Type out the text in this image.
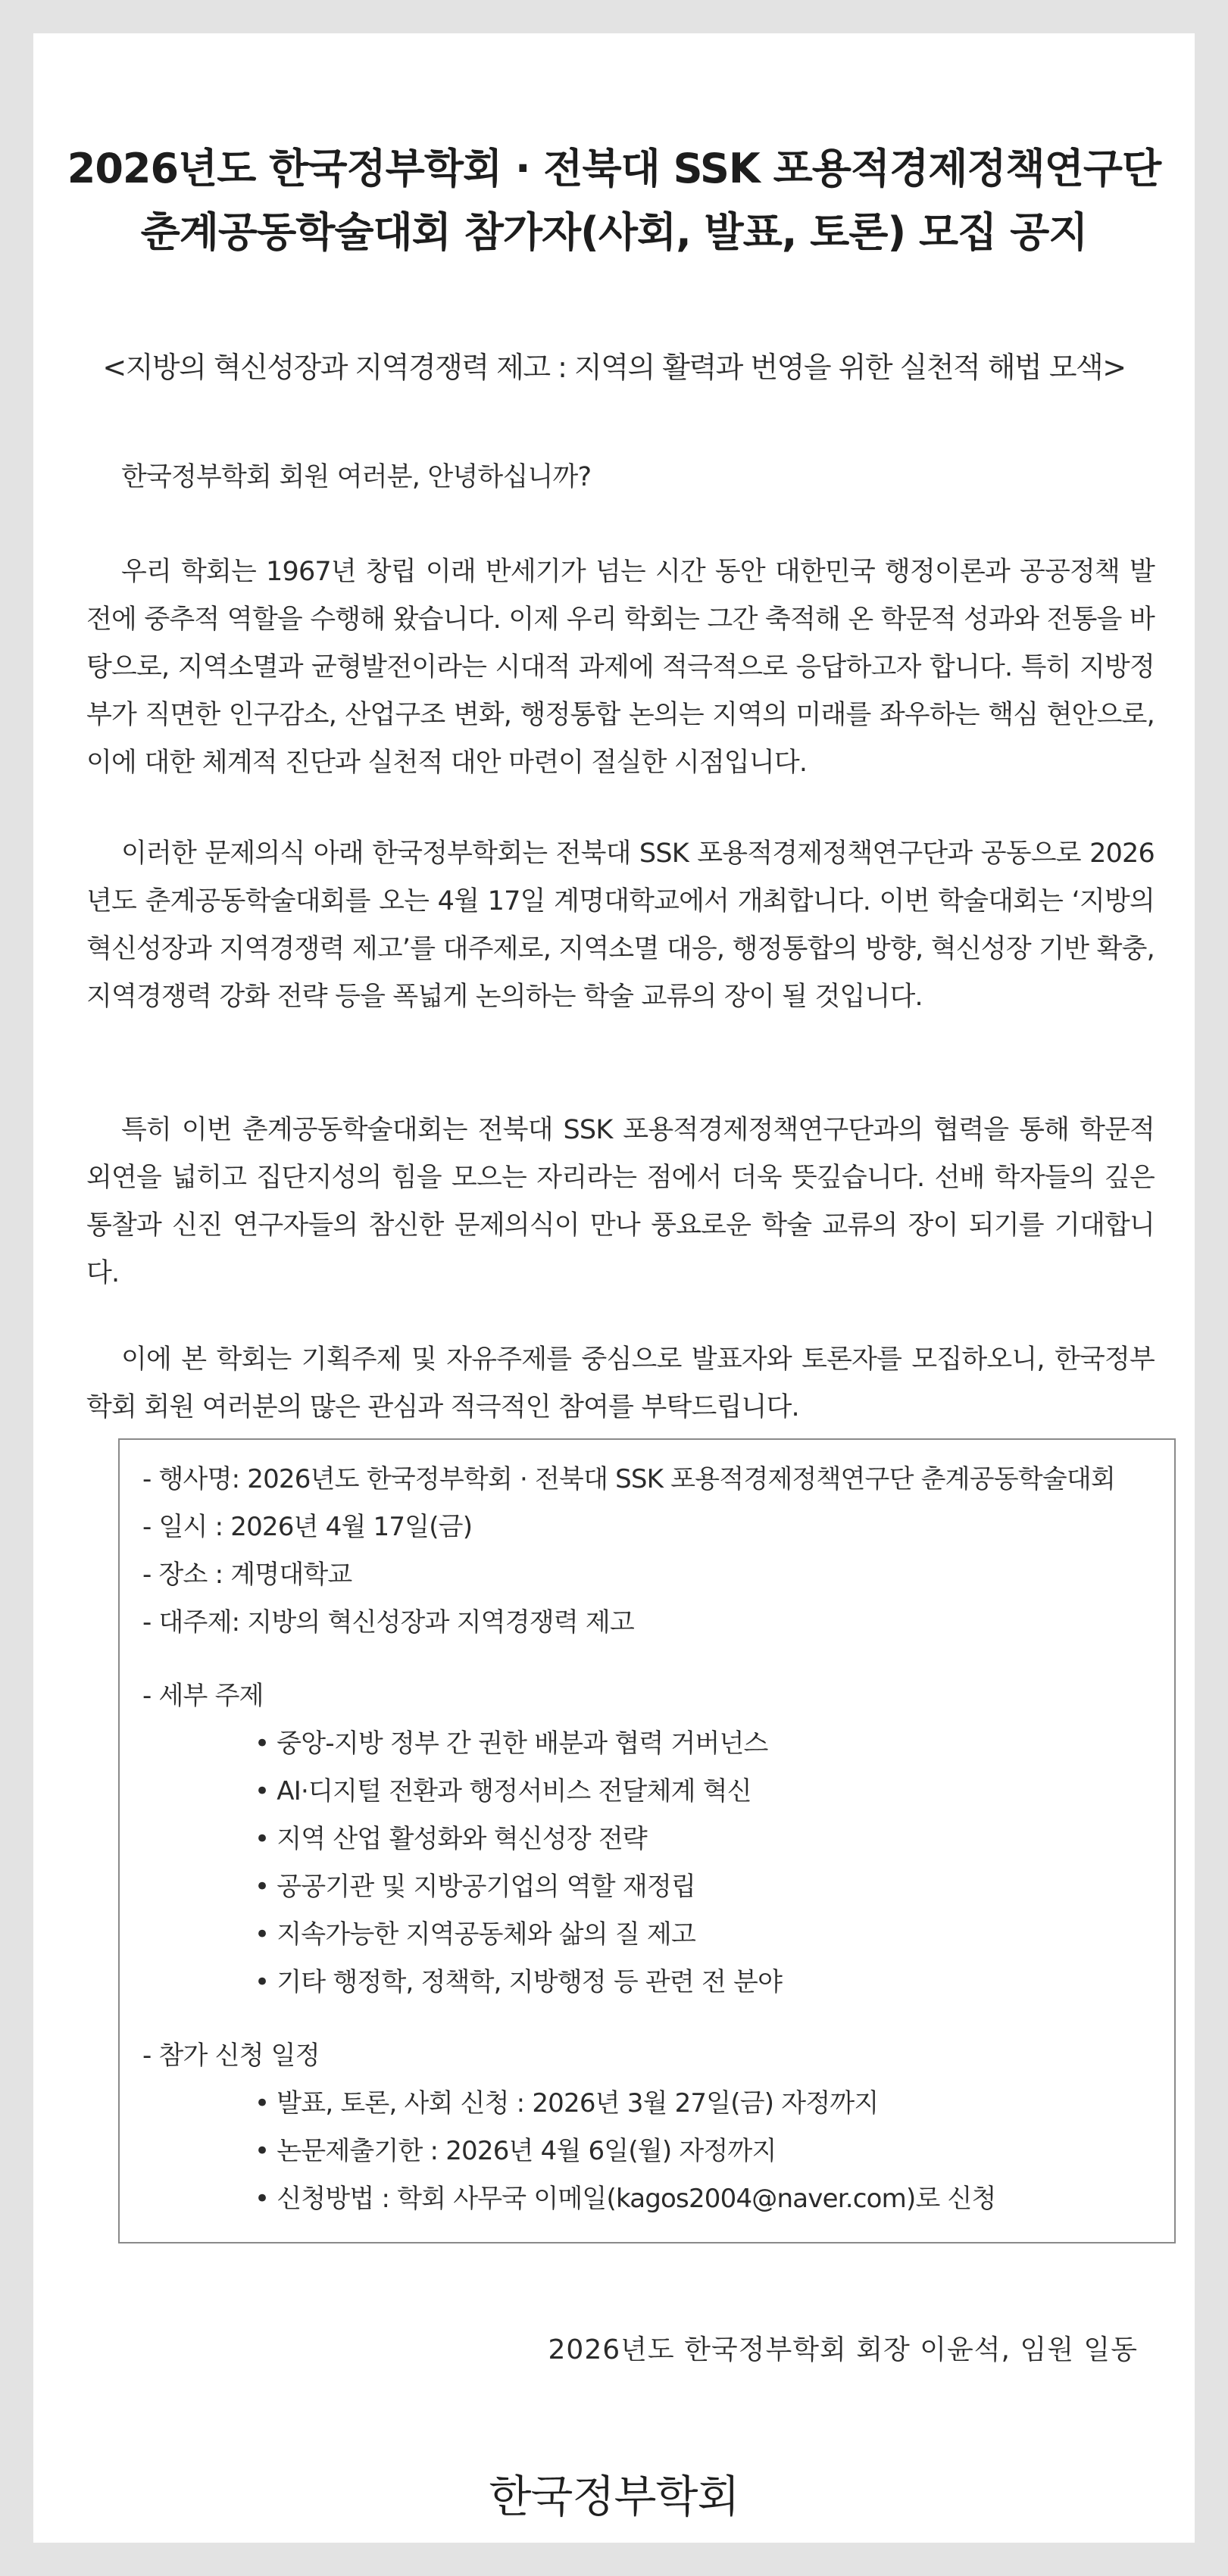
2026년도 한국정부학회 · 전북대 SSK 포용적경제정책연구단
춘계공동학술대회 참가자(사회, 발표, 토론) 모집 공지
<지방의 혁신성장과 지역경쟁력 제고 : 지역의 활력과 번영을 위한 실천적 해법 모색>
한국정부학회 회원 여러분, 안녕하십니까?
우리 학회는 1967년 창립 이래 반세기가 넘는 시간 동안 대한민국 행정이론과 공공정책 발전에 중추적 역할을 수행해 왔습니다. 이제 우리 학회는 그간 축적해 온 학문적 성과와 전통을 바탕으로, 지역소멸과 균형발전이라는 시대적 과제에 적극적으로 응답하고자 합니다. 특히 지방정부가 직면한 인구감소, 산업구조 변화, 행정통합 논의는 지역의 미래를 좌우하는 핵심 현안으로, 이에 대한 체계적 진단과 실천적 대안 마련이 절실한 시점입니다.
이러한 문제의식 아래 한국정부학회는 전북대 SSK 포용적경제정책연구단과 공동으로 2026년도 춘계공동학술대회를 오는 4월 17일 계명대학교에서 개최합니다. 이번 학술대회는 ‘지방의 혁신성장과 지역경쟁력 제고’를 대주제로, 지역소멸 대응, 행정통합의 방향, 혁신성장 기반 확충, 지역경쟁력 강화 전략 등을 폭넓게 논의하는 학술 교류의 장이 될 것입니다.
특히 이번 춘계공동학술대회는 전북대 SSK 포용적경제정책연구단과의 협력을 통해 학문적 외연을 넓히고 집단지성의 힘을 모으는 자리라는 점에서 더욱 뜻깊습니다. 선배 학자들의 깊은 통찰과 신진 연구자들의 참신한 문제의식이 만나 풍요로운 학술 교류의 장이 되기를 기대합니다.
이에 본 학회는 기획주제 및 자유주제를 중심으로 발표자와 토론자를 모집하오니, 한국정부학회 회원 여러분의 많은 관심과 적극적인 참여를 부탁드립니다.
- 행사명: 2026년도 한국정부학회 · 전북대 SSK 포용적경제정책연구단 춘계공동학술대회
- 일시 : 2026년 4월 17일(금)
- 장소 : 계명대학교
- 대주제: 지방의 혁신성장과 지역경쟁력 제고
- 세부 주제
• 중앙-지방 정부 간 권한 배분과 협력 거버넌스
• AI·디지털 전환과 행정서비스 전달체계 혁신
• 지역 산업 활성화와 혁신성장 전략
• 공공기관 및 지방공기업의 역할 재정립
• 지속가능한 지역공동체와 삶의 질 제고
• 기타 행정학, 정책학, 지방행정 등 관련 전 분야
- 참가 신청 일정
• 발표, 토론, 사회 신청 : 2026년 3월 27일(금) 자정까지
• 논문제출기한 : 2026년 4월 6일(월) 자정까지
• 신청방법 : 학회 사무국 이메일(kagos2004@naver.com)로 신청
2026년도 한국정부학회 회장 이윤석, 임원 일동
한국정부학회
